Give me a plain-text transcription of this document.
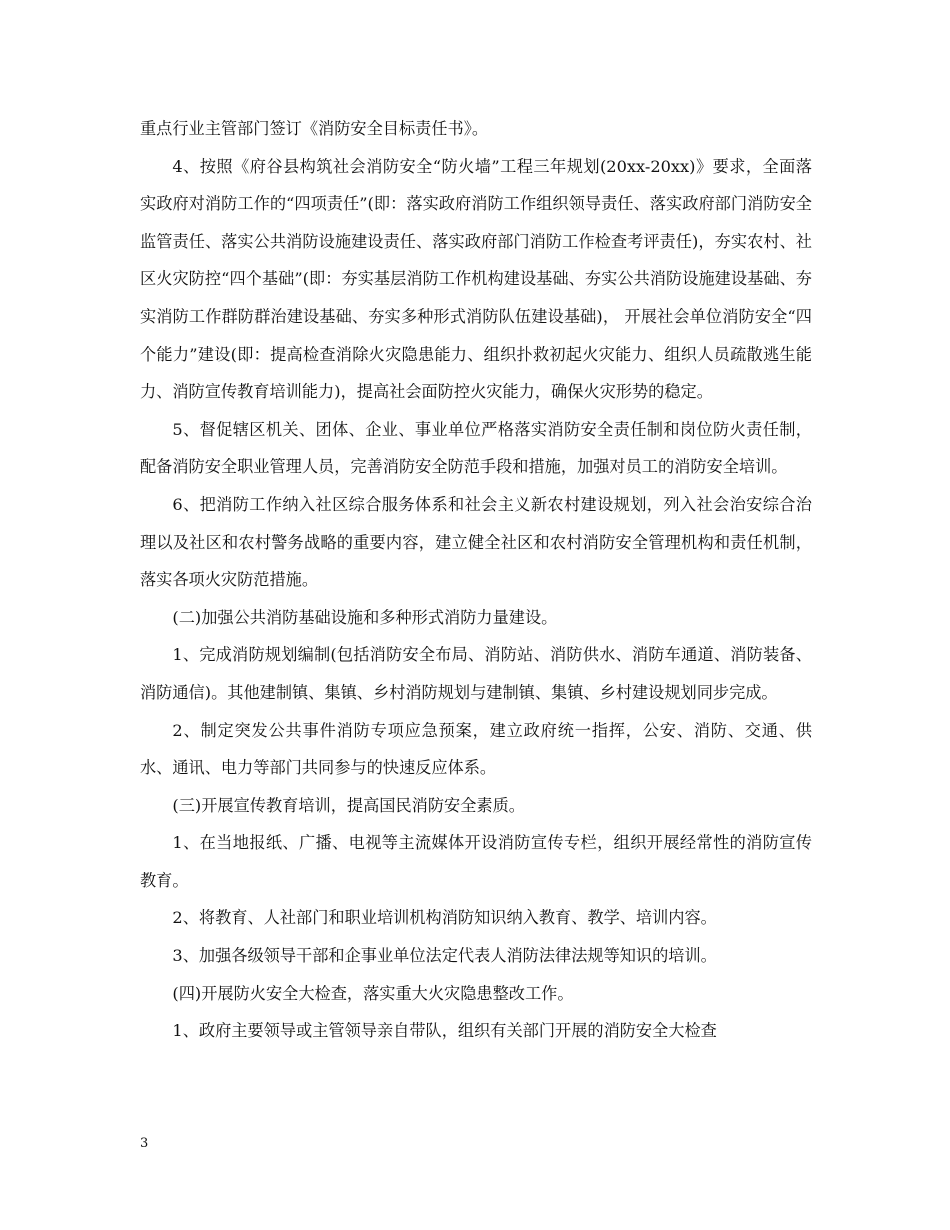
重点行业主管部门签订《消防安全目标责任书》。

4、按照《府谷县构筑社会消防安全“防火墙”工程三年规划(20xx-20xx)》要求，全面落实政府对消防工作的“四项责任”(即：落实政府消防工作组织领导责任、落实政府部门消防安全监管责任、落实公共消防设施建设责任、落实政府部门消防工作检查考评责任)，夯实农村、社区火灾防控“四个基础”(即：夯实基层消防工作机构建设基础、夯实公共消防设施建设基础、夯实消防工作群防群治建设基础、夯实多种形式消防队伍建设基础)， 开展社会单位消防安全“四个能力”建设(即：提高检查消除火灾隐患能力、组织扑救初起火灾能力、组织人员疏散逃生能力、消防宣传教育培训能力)，提高社会面防控火灾能力，确保火灾形势的稳定。

5、督促辖区机关、团体、企业、事业单位严格落实消防安全责任制和岗位防火责任制，配备消防安全职业管理人员，完善消防安全防范手段和措施，加强对员工的消防安全培训。

6、把消防工作纳入社区综合服务体系和社会主义新农村建设规划，列入社会治安综合治理以及社区和农村警务战略的重要内容，建立健全社区和农村消防安全管理机构和责任机制，落实各项火灾防范措施。

(二)加强公共消防基础设施和多种形式消防力量建设。

1、完成消防规划编制(包括消防安全布局、消防站、消防供水、消防车通道、消防装备、消防通信)。其他建制镇、集镇、乡村消防规划与建制镇、集镇、乡村建设规划同步完成。

2、制定突发公共事件消防专项应急预案，建立政府统一指挥，公安、消防、交通、供水、通讯、电力等部门共同参与的快速反应体系。

(三)开展宣传教育培训，提高国民消防安全素质。

1、在当地报纸、广播、电视等主流媒体开设消防宣传专栏，组织开展经常性的消防宣传教育。

2、将教育、人社部门和职业培训机构消防知识纳入教育、教学、培训内容。

3、加强各级领导干部和企事业单位法定代表人消防法律法规等知识的培训。

(四)开展防火安全大检查，落实重大火灾隐患整改工作。

1、政府主要领导或主管领导亲自带队，组织有关部门开展的消防安全大检查

3
